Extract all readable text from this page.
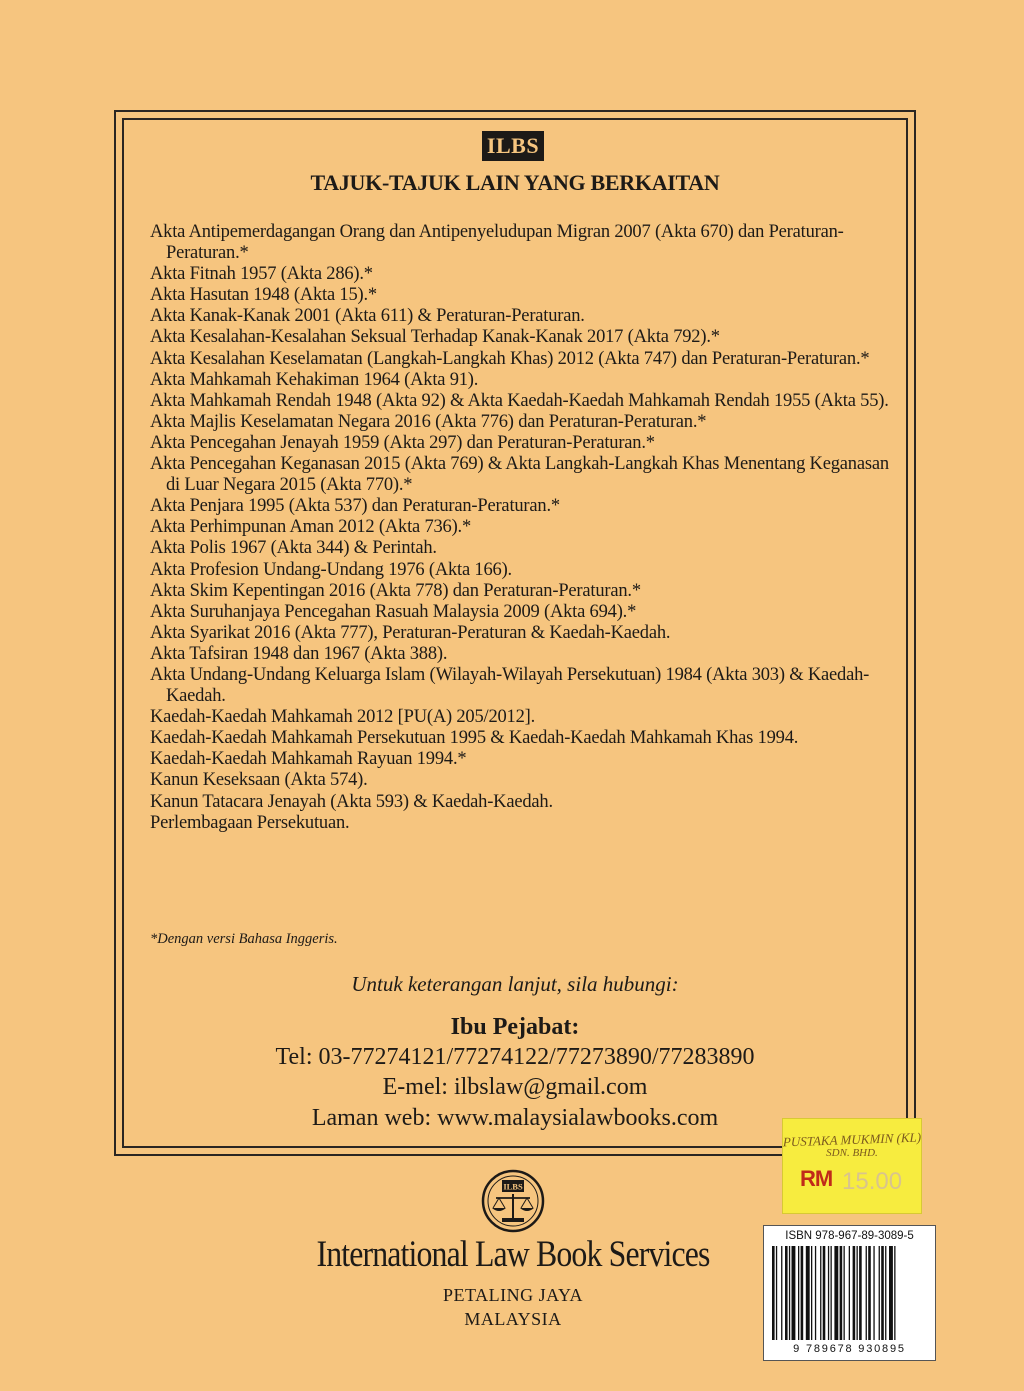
ILBS
TAJUK-TAJUK LAIN YANG BERKAITAN
Akta Antipemerdagangan Orang dan Antipenyeludupan Migran 2007 (Akta 670) dan Peraturan-Peraturan.*
Akta Fitnah 1957 (Akta 286).*
Akta Hasutan 1948 (Akta 15).*
Akta Kanak-Kanak 2001 (Akta 611) & Peraturan-Peraturan.
Akta Kesalahan-Kesalahan Seksual Terhadap Kanak-Kanak 2017 (Akta 792).*
Akta Kesalahan Keselamatan (Langkah-Langkah Khas) 2012 (Akta 747) dan Peraturan-Peraturan.*
Akta Mahkamah Kehakiman 1964 (Akta 91).
Akta Mahkamah Rendah 1948 (Akta 92) & Akta Kaedah-Kaedah Mahkamah Rendah 1955 (Akta 55).
Akta Majlis Keselamatan Negara 2016 (Akta 776) dan Peraturan-Peraturan.*
Akta Pencegahan Jenayah 1959 (Akta 297) dan Peraturan-Peraturan.*
Akta Pencegahan Keganasan 2015 (Akta 769) & Akta Langkah-Langkah Khas Menentang Keganasan di Luar Negara 2015 (Akta 770).*
Akta Penjara 1995 (Akta 537) dan Peraturan-Peraturan.*
Akta Perhimpunan Aman 2012 (Akta 736).*
Akta Polis 1967 (Akta 344) & Perintah.
Akta Profesion Undang-Undang 1976 (Akta 166).
Akta Skim Kepentingan 2016 (Akta 778) dan Peraturan-Peraturan.*
Akta Suruhanjaya Pencegahan Rasuah Malaysia 2009 (Akta 694).*
Akta Syarikat 2016 (Akta 777), Peraturan-Peraturan & Kaedah-Kaedah.
Akta Tafsiran 1948 dan 1967 (Akta 388).
Akta Undang-Undang Keluarga Islam (Wilayah-Wilayah Persekutuan) 1984 (Akta 303) & Kaedah-Kaedah.
Kaedah-Kaedah Mahkamah 2012 [PU(A) 205/2012].
Kaedah-Kaedah Mahkamah Persekutuan 1995 & Kaedah-Kaedah Mahkamah Khas 1994.
Kaedah-Kaedah Mahkamah Rayuan 1994.*
Kanun Keseksaan (Akta 574).
Kanun Tatacara Jenayah (Akta 593) & Kaedah-Kaedah.
Perlembagaan Persekutuan.
*Dengan versi Bahasa Inggeris.
Untuk keterangan lanjut, sila hubungi:
Ibu Pejabat:
Tel: 03-77274121/77274122/77273890/77283890
E-mel: ilbslaw@gmail.com
Laman web: www.malaysialawbooks.com
PUSTAKA MUKMIN (KL)
SDN. BHD.
RM 15.00
ILBS
International Law Book Services
PETALING JAYA
MALAYSIA
ISBN 978-967-89-3089-5
9 789678 930895
